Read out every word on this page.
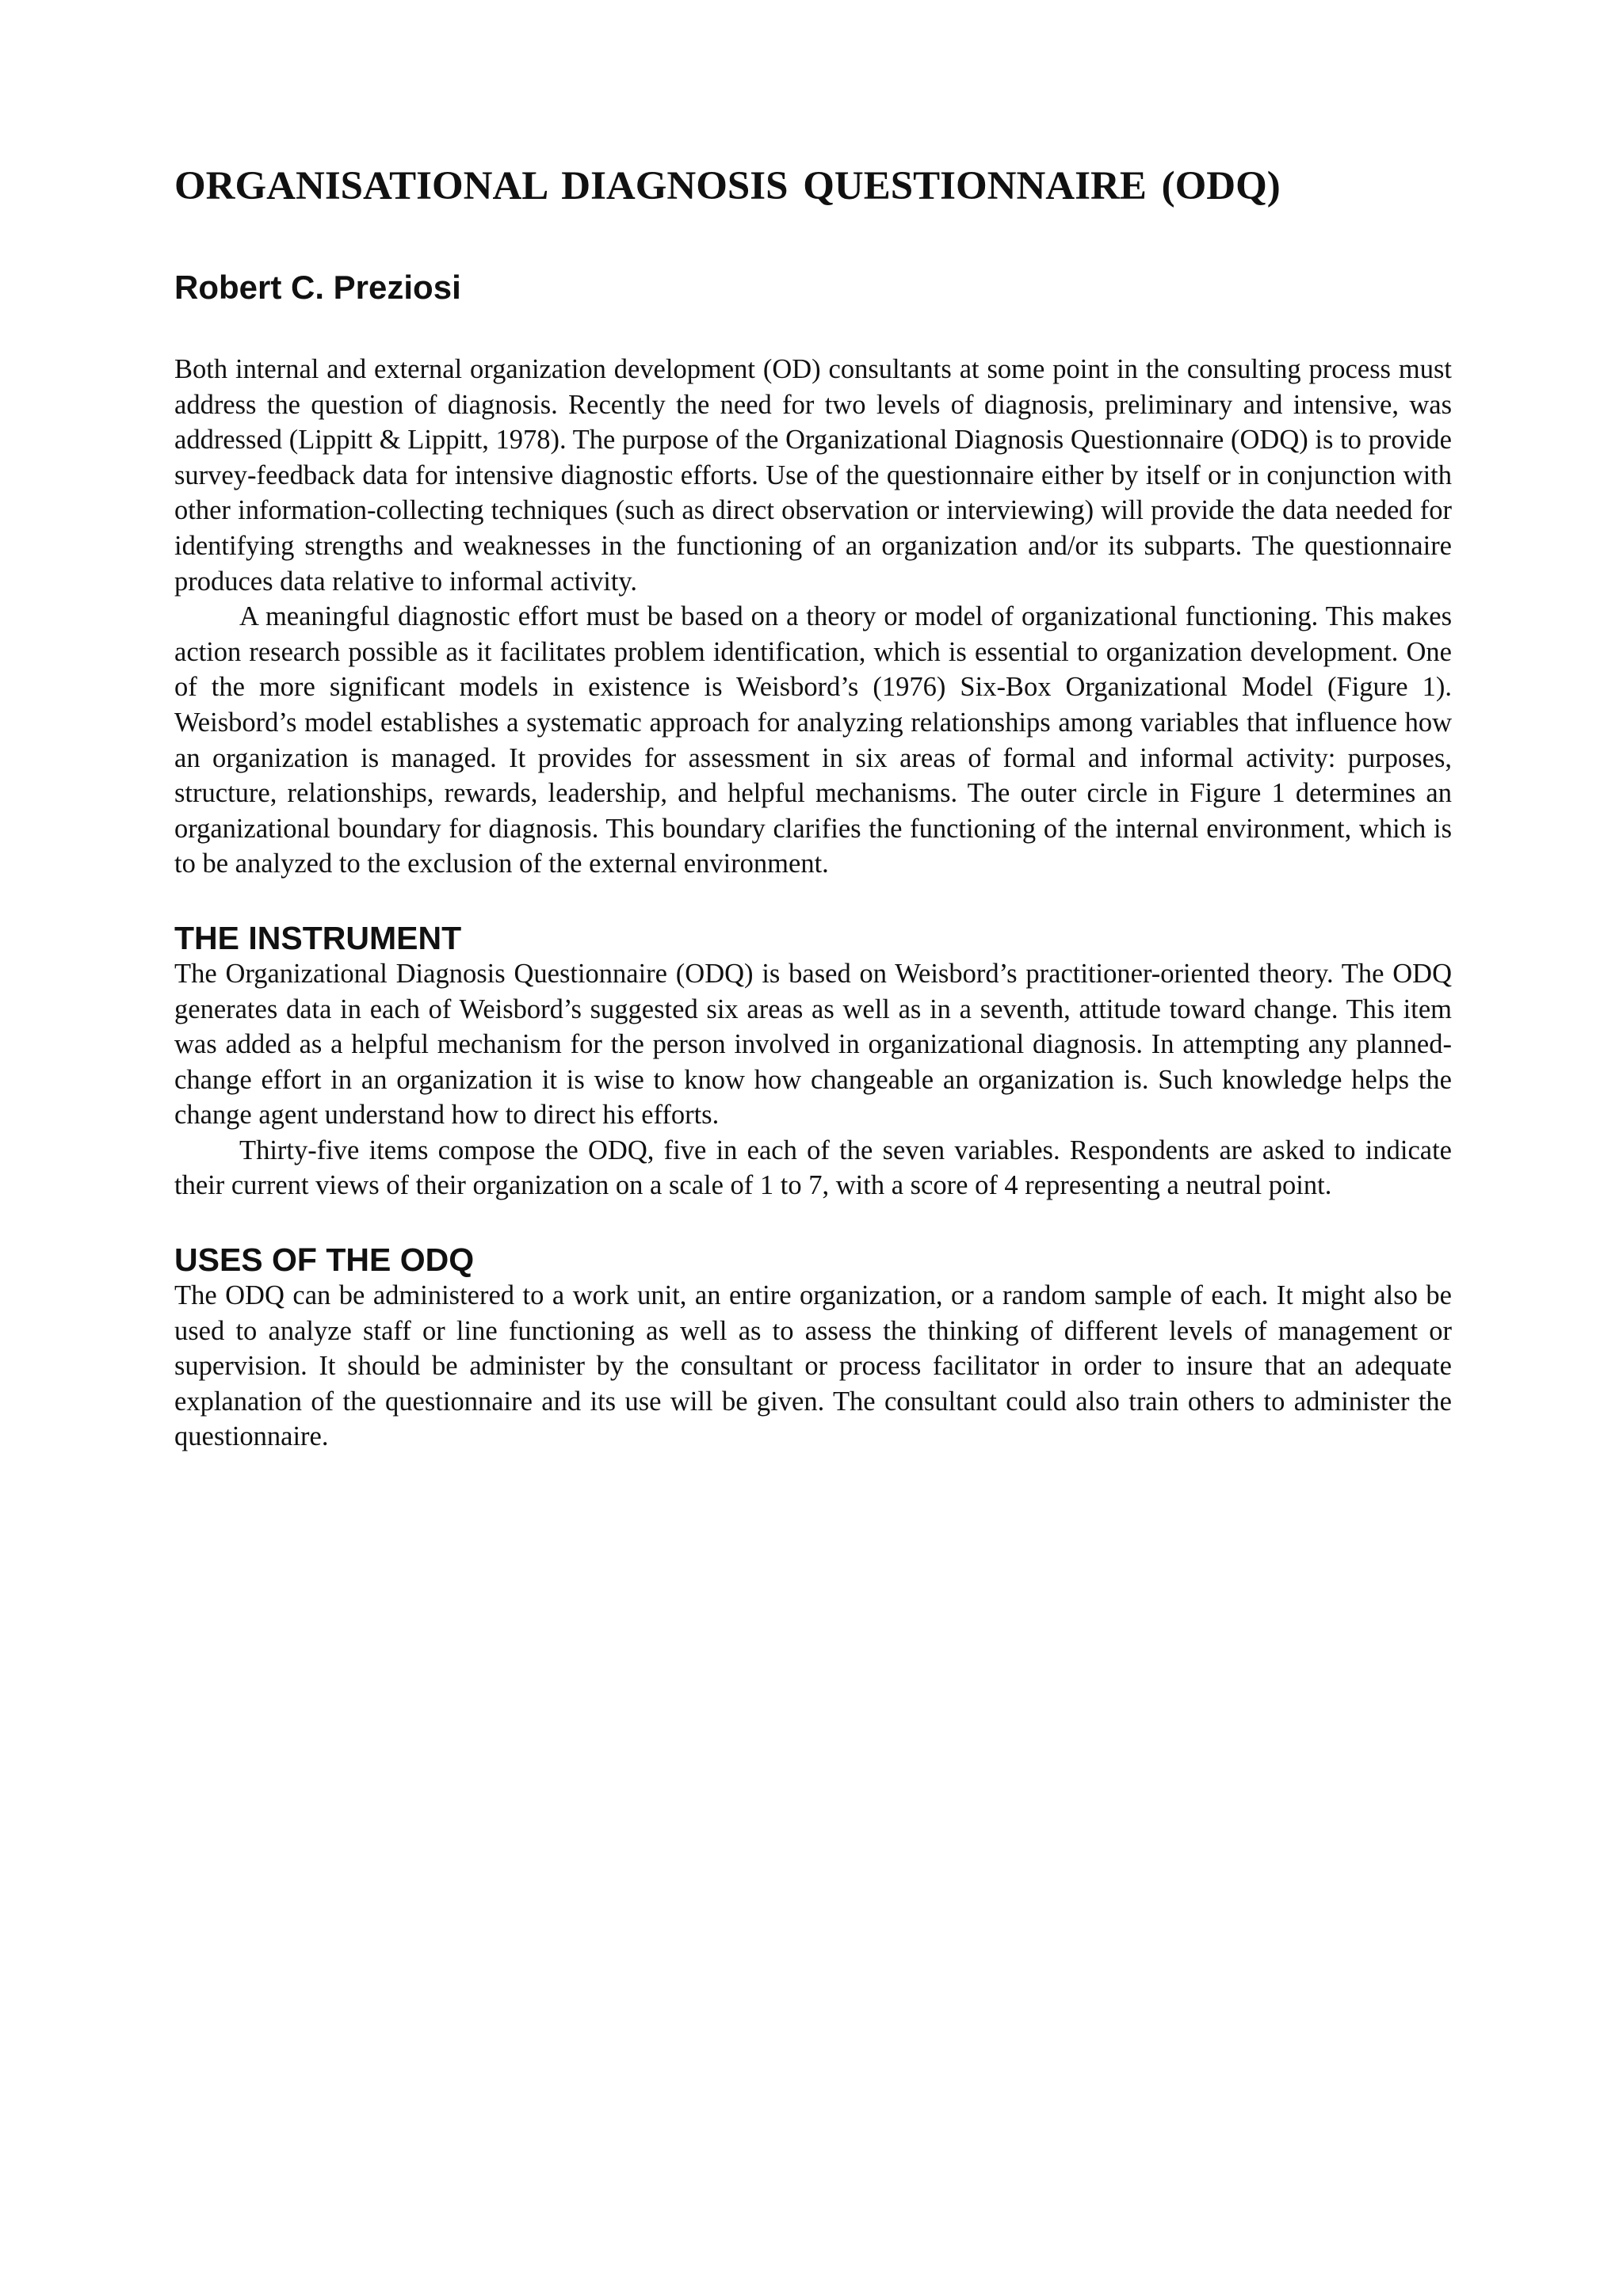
ORGANISATIONAL DIAGNOSIS QUESTIONNAIRE (ODQ)
Robert C. Preziosi

Both internal and external organization development (OD) consultants at some point in the consulting process must address the question of diagnosis. Recently the need for two levels of diagnosis, preliminary and intensive, was addressed (Lippitt & Lippitt, 1978). The purpose of the Organizational Diagnosis Questionnaire (ODQ) is to provide survey-feedback data for intensive diagnostic efforts. Use of the questionnaire either by itself or in conjunction with other information-collecting techniques (such as direct observation or interviewing) will provide the data needed for identifying strengths and weaknesses in the functioning of an organization and/or its subparts. The questionnaire produces data relative to informal activity.

A meaningful diagnostic effort must be based on a theory or model of organizational functioning. This makes action research possible as it facilitates problem identification, which is essential to organization development. One of the more significant models in existence is Weisbord’s (1976) Six-Box Organizational Model (Figure 1). Weisbord’s model establishes a systematic approach for analyzing relationships among variables that influence how an organization is managed. It provides for assessment in six areas of formal and informal activity: purposes, structure, relationships, rewards, leadership, and helpful mechanisms. The outer circle in Figure 1 determines an organizational boundary for diagnosis. This boundary clarifies the functioning of the internal environment, which is to be analyzed to the exclusion of the external environment.

THE INSTRUMENT

The Organizational Diagnosis Questionnaire (ODQ) is based on Weisbord’s practitioner-oriented theory. The ODQ generates data in each of Weisbord’s suggested six areas as well as in a seventh, attitude toward change. This item was added as a helpful mechanism for the person involved in organizational diagnosis. In attempting any planned-change effort in an organization it is wise to know how changeable an organization is. Such knowledge helps the change agent understand how to direct his efforts.

Thirty-five items compose the ODQ, five in each of the seven variables. Respondents are asked to indicate their current views of their organization on a scale of 1 to 7, with a score of 4 representing a neutral point.

USES OF THE ODQ

The ODQ can be administered to a work unit, an entire organization, or a random sample of each. It might also be used to analyze staff or line functioning as well as to assess the thinking of different levels of management or supervision. It should be administer by the consultant or process facilitator in order to insure that an adequate explanation of the questionnaire and its use will be given. The consultant could also train others to administer the questionnaire.
